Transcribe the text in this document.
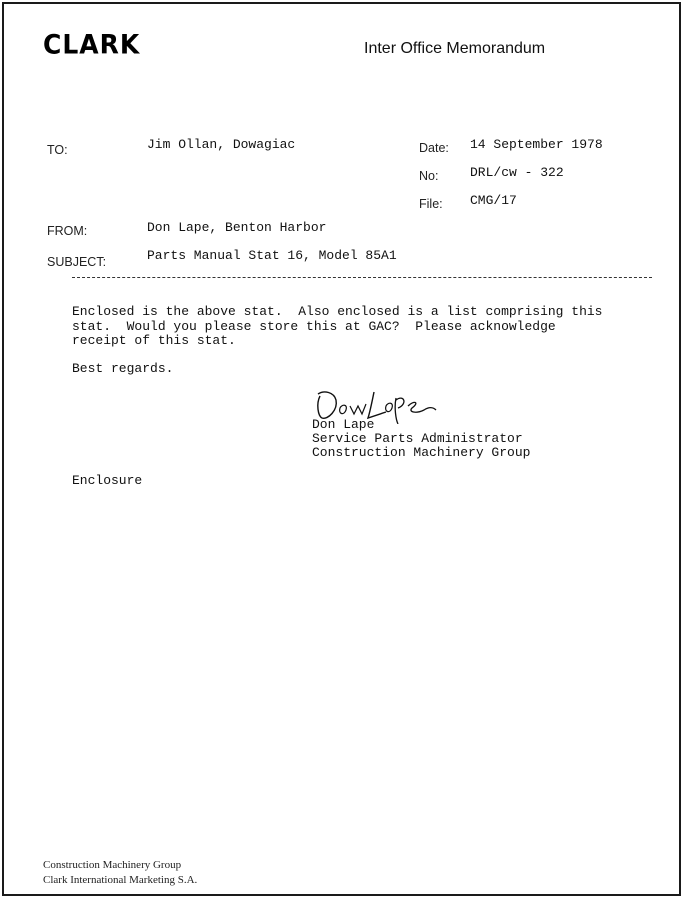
CLARK	Inter Office Memorandum
TO:	Jim Ollan, Dowagiac	Date: 14 September 1978
No: DRL/cw - 322
File: CMG/17
FROM:	Don Lape, Benton Harbor
SUBJECT:	Parts Manual Stat 16, Model 85A1
Enclosed is the above stat.  Also enclosed is a list comprising this
stat.  Would you please store this at GAC?  Please acknowledge
receipt of this stat.
Best regards.
Don Lape
Service Parts Administrator
Construction Machinery Group
Enclosure
Construction Machinery Group
Clark International Marketing S.A.
